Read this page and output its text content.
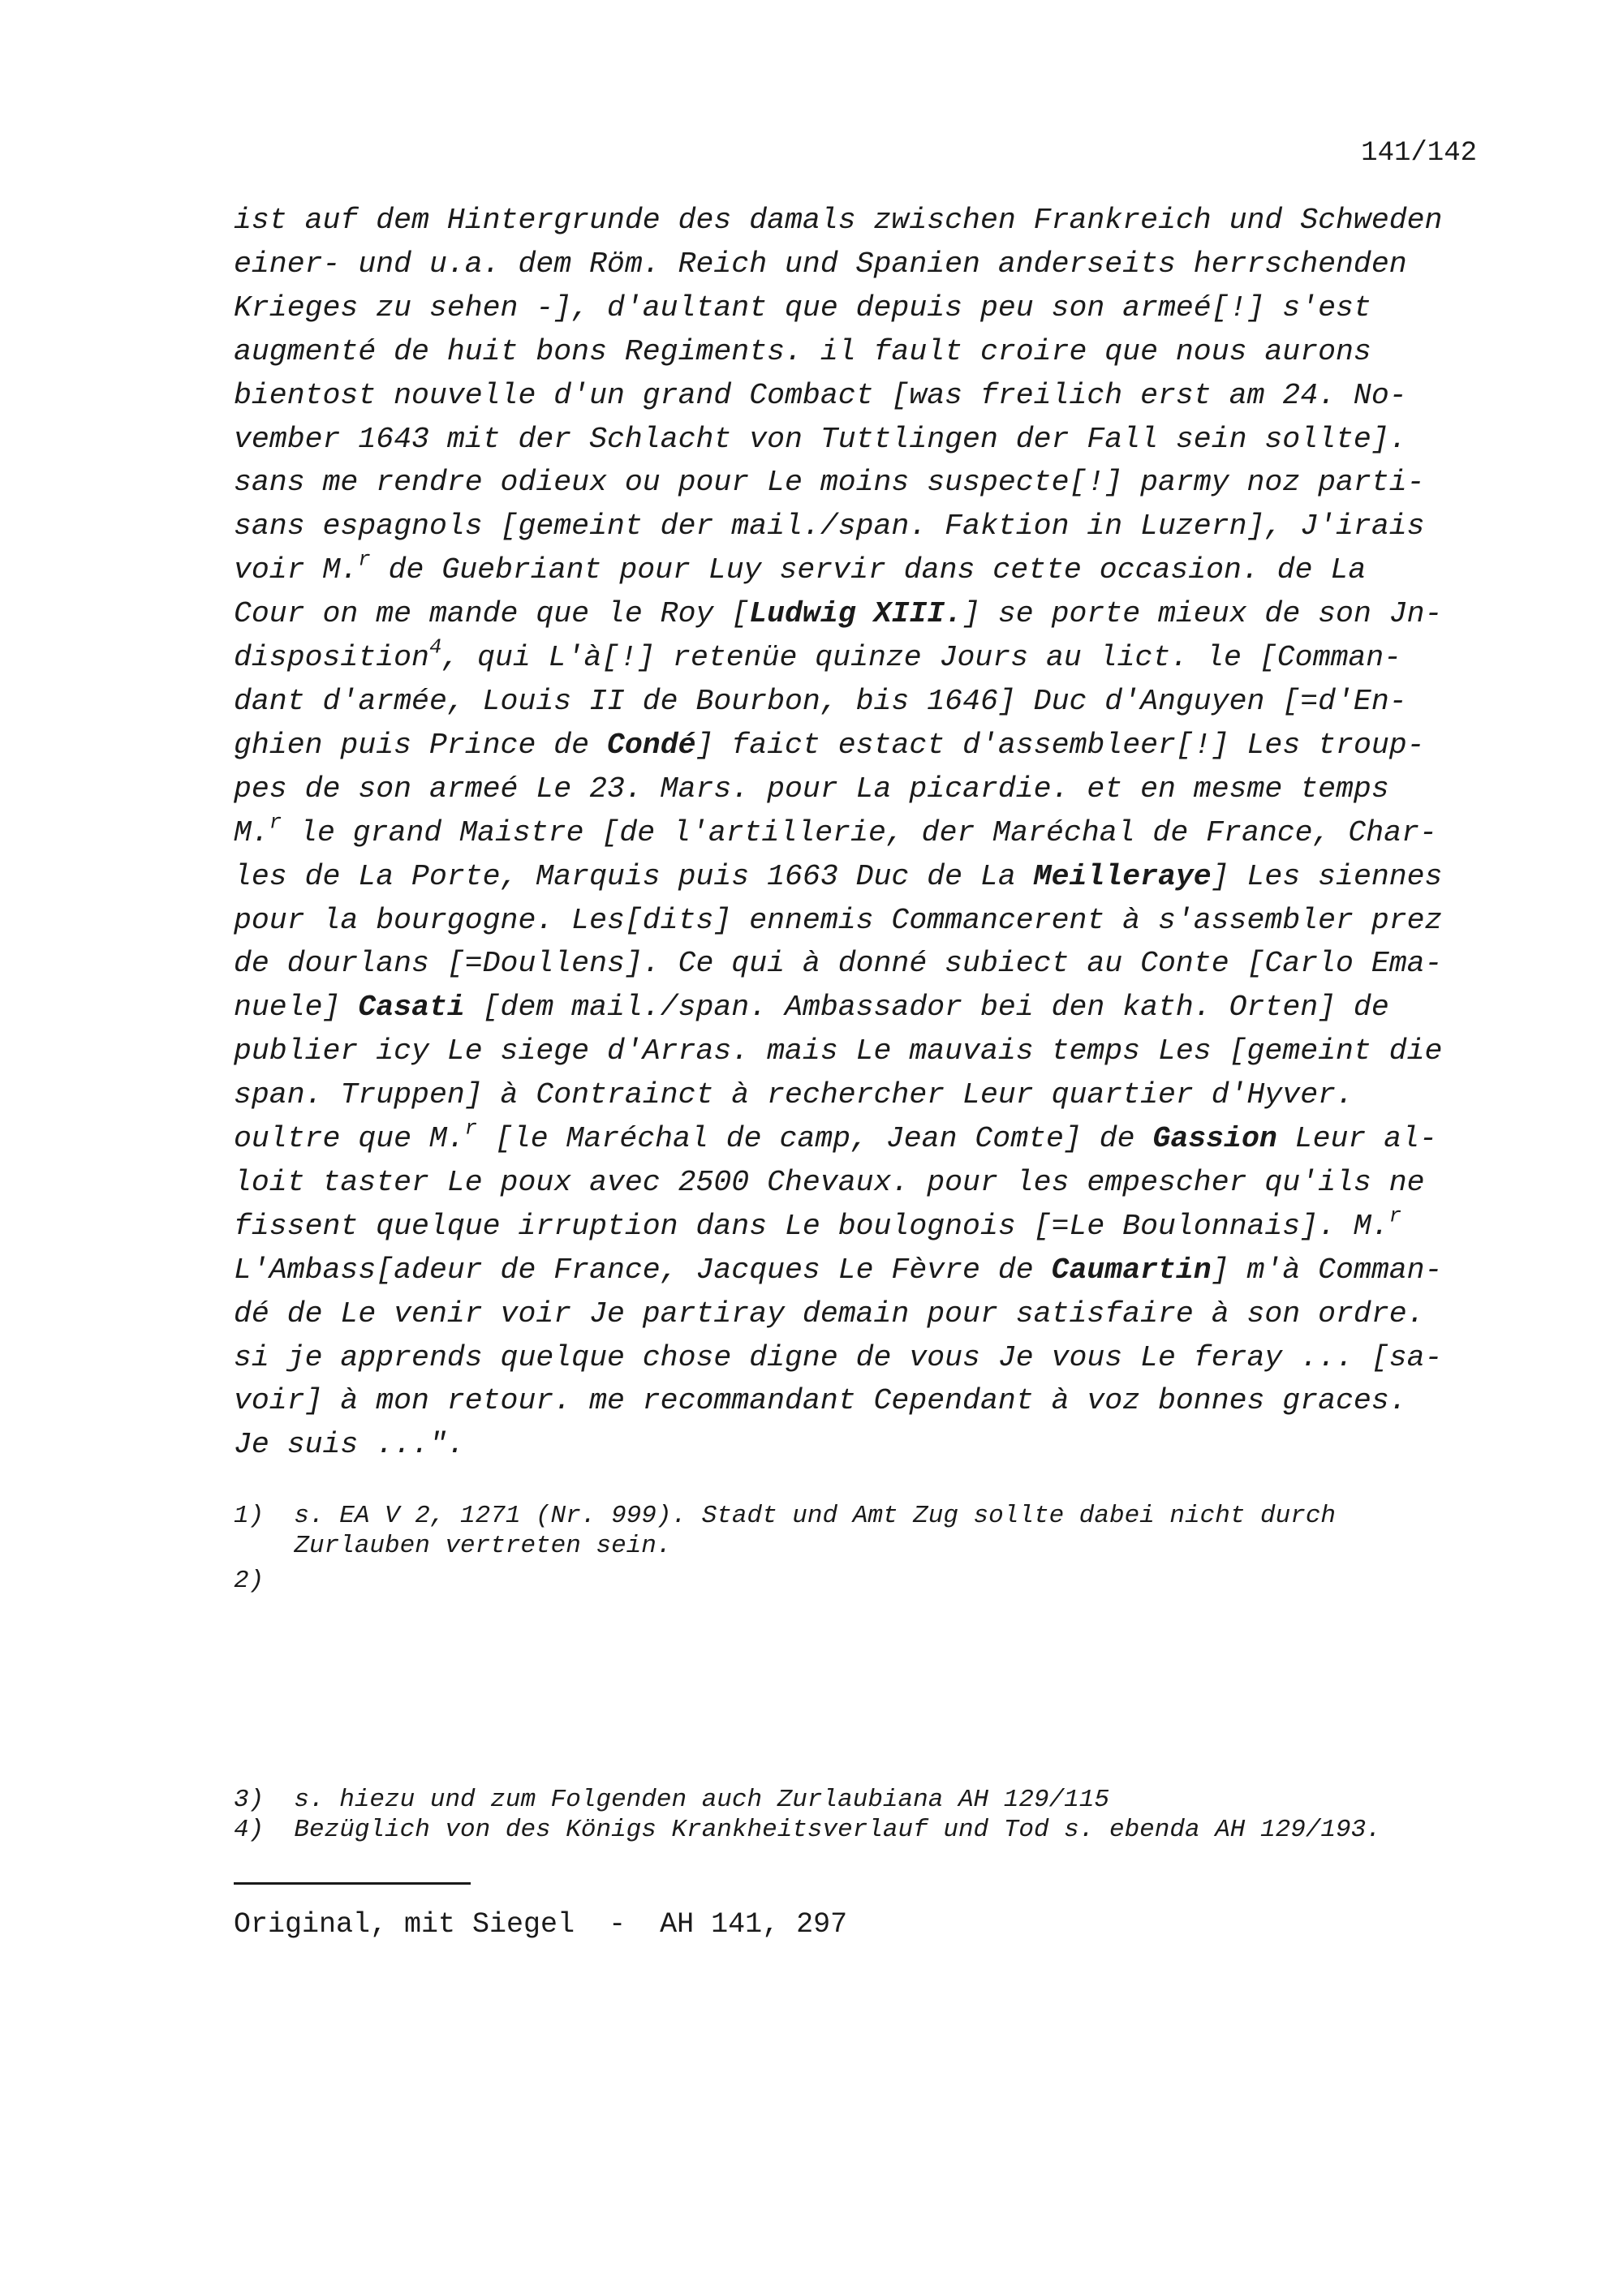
141/142
ist auf dem Hintergrunde des damals zwischen Frankreich und Schweden
einer- und u.a. dem Röm. Reich und Spanien anderseits herrschenden
Krieges zu sehen -], d'aultant que depuis peu son armeé[!] s'est
augmenté de huit bons Regiments. il fault croire que nous aurons
bientost nouvelle d'un grand Combact [was freilich erst am 24. No-
vember 1643 mit der Schlacht von Tuttlingen der Fall sein sollte].
sans me rendre odieux ou pour Le moins suspecte[!] parmy noz parti-
sans espagnols [gemeint der mail./span. Faktion in Luzern], J'irais
voir M.$^r$ de Guebriant pour Luy servir dans cette occasion. de La
Cour on me mande que le Roy [Ludwig XIII.] se porte mieux de son Jn-
disposition$^4$, qui L'à[!] retenüe quinze Jours au lict. le [Comman-
dant d'armée, Louis II de Bourbon, bis 1646] Duc d'Anguyen [=d'En-
ghien puis Prince de Condé] faict estact d'assembleer[!] Les troup-
pes de son armeé Le 23. Mars. pour La picardie. et en mesme temps
M.$^r$ le grand Maistre [de l'artillerie, der Maréchal de France, Char-
les de La Porte, Marquis puis 1663 Duc de La Meilleraye] Les siennes
pour la bourgogne. Les[dits] ennemis Commancerent à s'assembler prez
de dourlans [=Doullens]. Ce qui à donné subiect au Conte [Carlo Ema-
nuele] Casati [dem mail./span. Ambassador bei den kath. Orten] de
publier icy Le siege d'Arras. mais Le mauvais temps Les [gemeint die
span. Truppen] à Contrainct à rechercher Leur quartier d'Hyver.
oultre que M.$^r$ [le Maréchal de camp, Jean Comte] de Gassion Leur al-
loit taster Le poux avec 2500 Chevaux. pour les empescher qu'ils ne
fissent quelque irruption dans Le boulognois [=Le Boulonnais]. M.$^r$
L'Ambass[adeur de France, Jacques Le Fèvre de Caumartin] m'à Comman-
dé de Le venir voir Je partiray demain pour satisfaire à son ordre.
si je apprends quelque chose digne de vous Je vous Le feray ... [sa-
voir] à mon retour. me recommandant Cependant à voz bonnes graces.
Je suis ...".
1)  s. EA V 2, 1271 (Nr. 999). Stadt und Amt Zug sollte dabei nicht durch
Zurlauben vertreten sein.
2)
3)  s. hiezu und zum Folgenden auch Zurlaubiana AH 129/115
4)  Bezüglich von des Königs Krankheitsverlauf und Tod s. ebenda AH 129/193.
Original, mit Siegel  -  AH 141, 297
